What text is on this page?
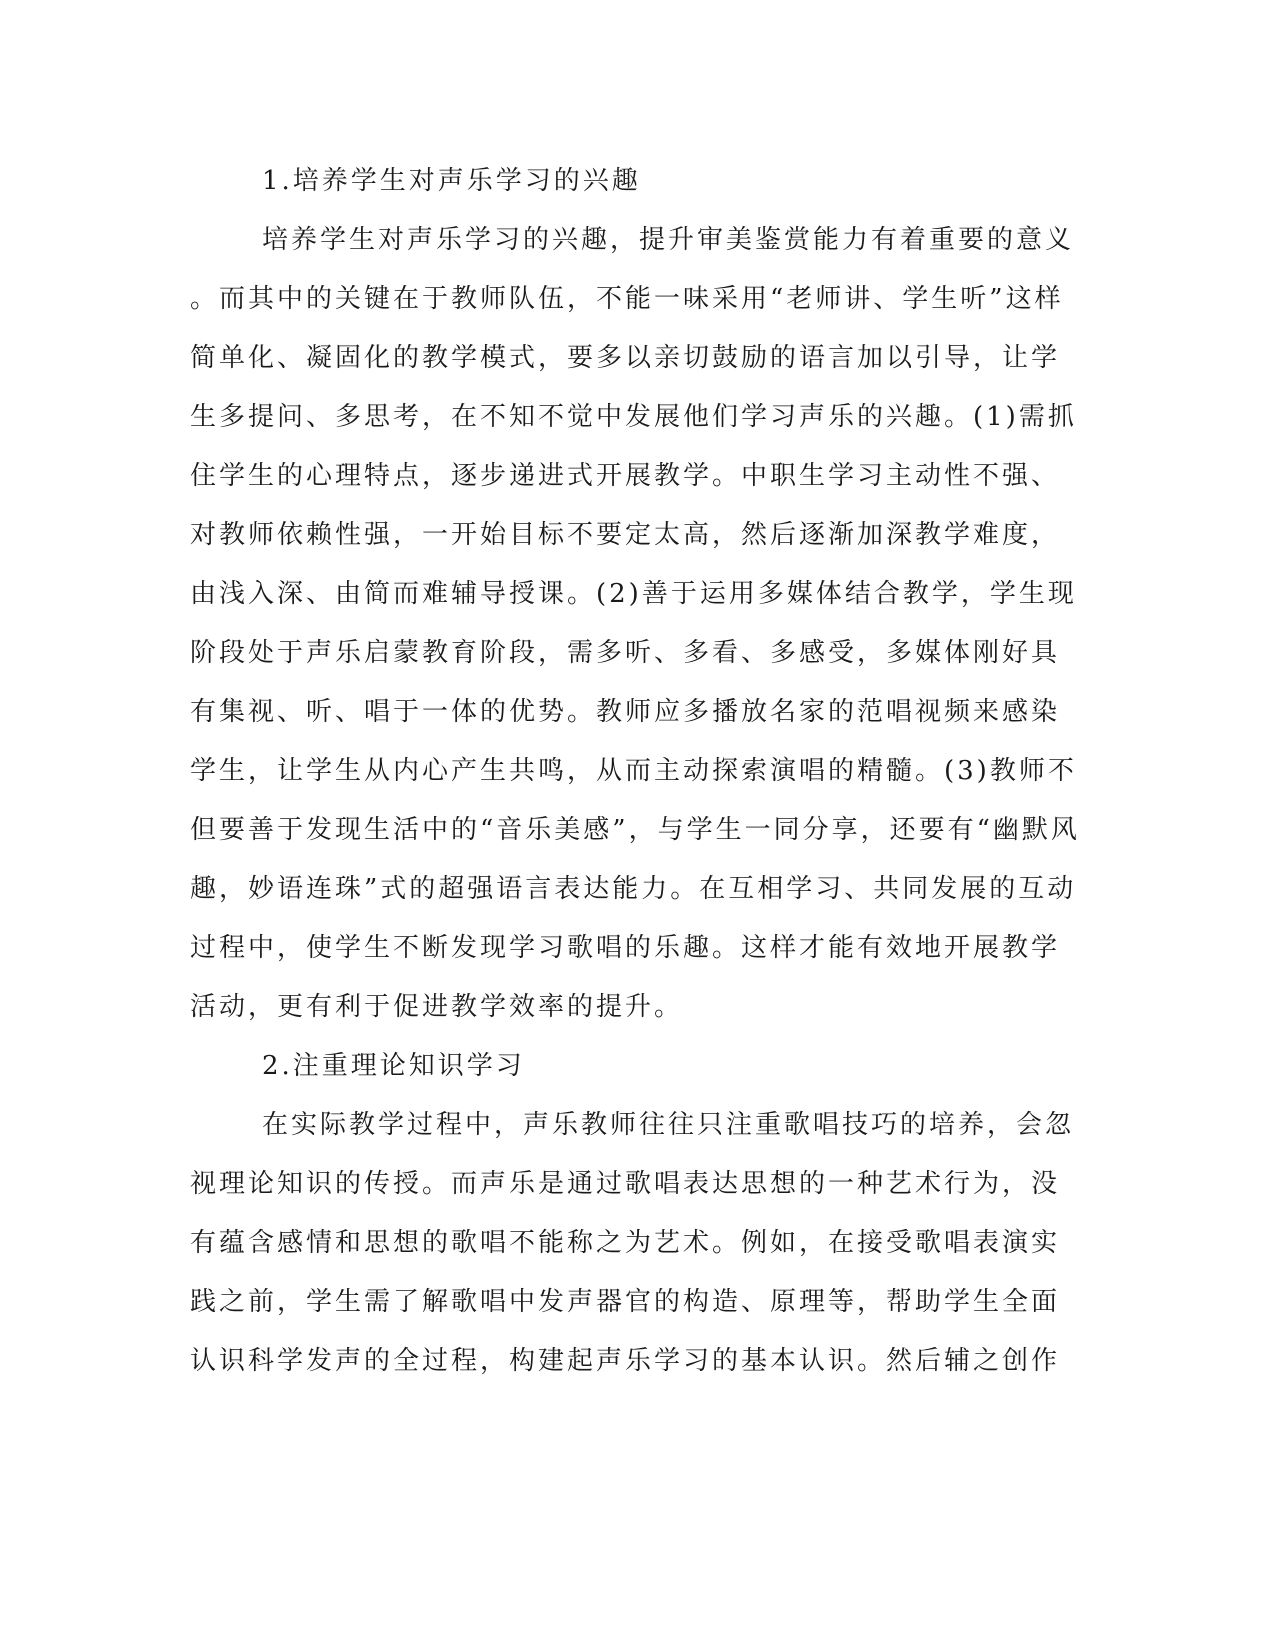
1.培养学生对声乐学习的兴趣
培养学生对声乐学习的兴趣，提升审美鉴赏能力有着重要的意义
。而其中的关键在于教师队伍，不能一味采用“老师讲、学生听”这样
简单化、凝固化的教学模式，要多以亲切鼓励的语言加以引导，让学
生多提问、多思考，在不知不觉中发展他们学习声乐的兴趣。(1)需抓
住学生的心理特点，逐步递进式开展教学。中职生学习主动性不强、
对教师依赖性强，一开始目标不要定太高，然后逐渐加深教学难度，
由浅入深、由简而难辅导授课。(2)善于运用多媒体结合教学，学生现
阶段处于声乐启蒙教育阶段，需多听、多看、多感受，多媒体刚好具
有集视、听、唱于一体的优势。教师应多播放名家的范唱视频来感染
学生，让学生从内心产生共鸣，从而主动探索演唱的精髓。(3)教师不
但要善于发现生活中的“音乐美感”，与学生一同分享，还要有“幽默风
趣，妙语连珠”式的超强语言表达能力。在互相学习、共同发展的互动
过程中，使学生不断发现学习歌唱的乐趣。这样才能有效地开展教学
活动，更有利于促进教学效率的提升。
2.注重理论知识学习
在实际教学过程中，声乐教师往往只注重歌唱技巧的培养，会忽
视理论知识的传授。而声乐是通过歌唱表达思想的一种艺术行为，没
有蕴含感情和思想的歌唱不能称之为艺术。例如，在接受歌唱表演实
践之前，学生需了解歌唱中发声器官的构造、原理等，帮助学生全面
认识科学发声的全过程，构建起声乐学习的基本认识。然后辅之创作
